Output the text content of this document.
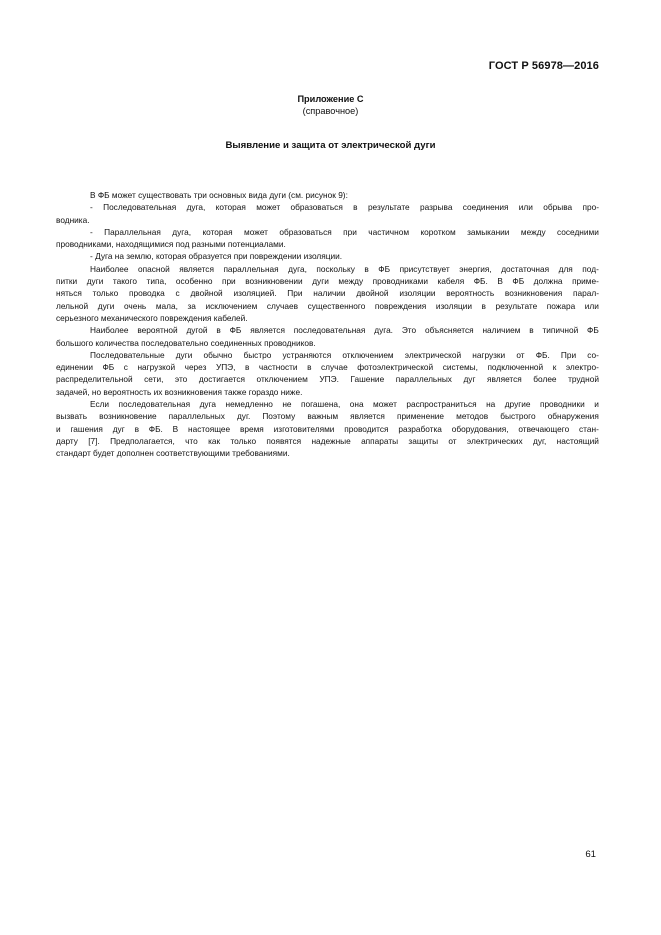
ГОСТ Р 56978—2016
Приложение С
(справочное)
Выявление и защита от электрической дуги
В ФБ может существовать три основных вида дуги (см. рисунок 9):
- Последовательная дуга, которая может образоваться в результате разрыва соединения или обрыва про-
водника.
- Параллельная дуга, которая может образоваться при частичном коротком замыкании между соседними
проводниками, находящимися под разными потенциалами.
- Дуга на землю, которая образуется при повреждении изоляции.
Наиболее опасной является параллельная дуга, поскольку в ФБ присутствует энергия, достаточная для под-
питки дуги такого типа, особенно при возникновении дуги между проводниками кабеля ФБ. В ФБ должна приме-
няться только проводка с двойной изоляцией. При наличии двойной изоляции вероятность возникновения парал-
лельной дуги очень мала, за исключением случаев существенного повреждения изоляции в результате пожара или
серьезного механического повреждения кабелей.
Наиболее вероятной дугой в ФБ является последовательная дуга. Это объясняется наличием в типичной ФБ
большого количества последовательно соединенных проводников.
Последовательные дуги обычно быстро устраняются отключением электрической нагрузки от ФБ. При со-
единении ФБ с нагрузкой через УПЭ, в частности в случае фотоэлектрической системы, подключенной к электро-
распределительной сети, это достигается отключением УПЭ. Гашение параллельных дуг является более трудной
задачей, но вероятность их возникновения также гораздо ниже.
Если последовательная дуга немедленно не погашена, она может распространиться на другие проводники и
вызвать возникновение параллельных дуг. Поэтому важным является применение методов быстрого обнаружения
и гашения дуг в ФБ. В настоящее время изготовителями проводится разработка оборудования, отвечающего стан-
дарту [7]. Предполагается, что как только появятся надежные аппараты защиты от электрических дуг, настоящий
стандарт будет дополнен соответствующими требованиями.
61
